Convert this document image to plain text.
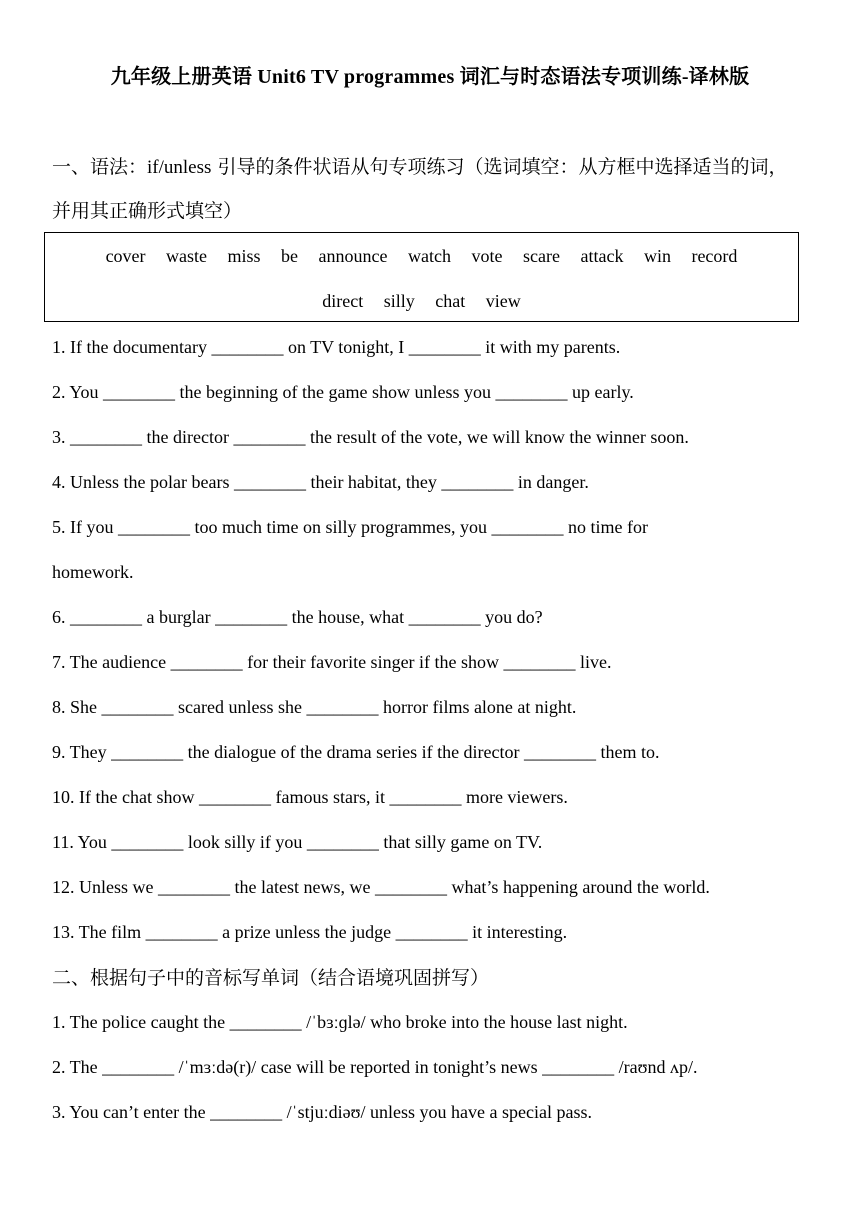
九年级上册英语 Unit6 TV programmes 词汇与时态语法专项训练-译林版
一、语法：if/unless 引导的条件状语从句专项练习（选词填空：从方框中选择适当的词，
并用其正确形式填空）
cover waste miss be announce watch vote scare attack win record
direct silly chat view
1. If the documentary ________ on TV tonight, I ________ it with my parents.
2. You ________ the beginning of the game show unless you ________ up early.
3. ________ the director ________ the result of the vote, we will know the winner soon.
4. Unless the polar bears ________ their habitat, they ________ in danger.
5. If you ________ too much time on silly programmes, you ________ no time for
homework.
6. ________ a burglar ________ the house, what ________ you do?
7. The audience ________ for their favorite singer if the show ________ live.
8. She ________ scared unless she ________ horror films alone at night.
9. They ________ the dialogue of the drama series if the director ________ them to.
10. If the chat show ________ famous stars, it ________ more viewers.
11. You ________ look silly if you ________ that silly game on TV.
12. Unless we ________ the latest news, we ________ what’s happening around the world.
13. The film ________ a prize unless the judge ________ it interesting.
二、根据句子中的音标写单词（结合语境巩固拼写）
1. The police caught the ________ /ˈbɜːɡlə/ who broke into the house last night.
2. The ________ /ˈmɜːdə(r)/ case will be reported in tonight’s news ________ /raʊnd ʌp/.
3. You can’t enter the ________ /ˈstjuːdiəʊ/ unless you have a special pass.
